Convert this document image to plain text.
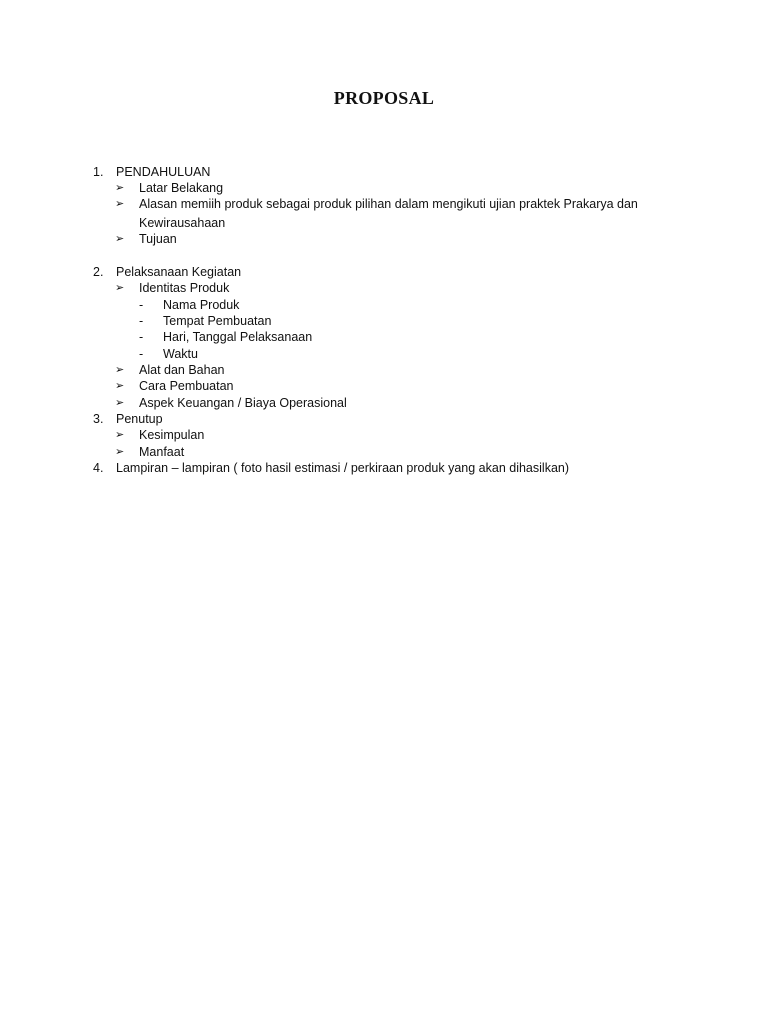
PROPOSAL
1. PENDAHULUAN
➢ Latar Belakang
➢ Alasan memiih produk sebagai produk pilihan dalam mengikuti ujian praktek Prakarya dan
Kewirausahaan
➢ Tujuan
2. Pelaksanaan Kegiatan
➢ Identitas Produk
- Nama Produk
- Tempat Pembuatan
- Hari, Tanggal Pelaksanaan
- Waktu
➢ Alat dan Bahan
➢ Cara Pembuatan
➢ Aspek Keuangan / Biaya Operasional
3. Penutup
➢ Kesimpulan
➢ Manfaat
4. Lampiran – lampiran ( foto hasil estimasi / perkiraan produk yang akan dihasilkan)
